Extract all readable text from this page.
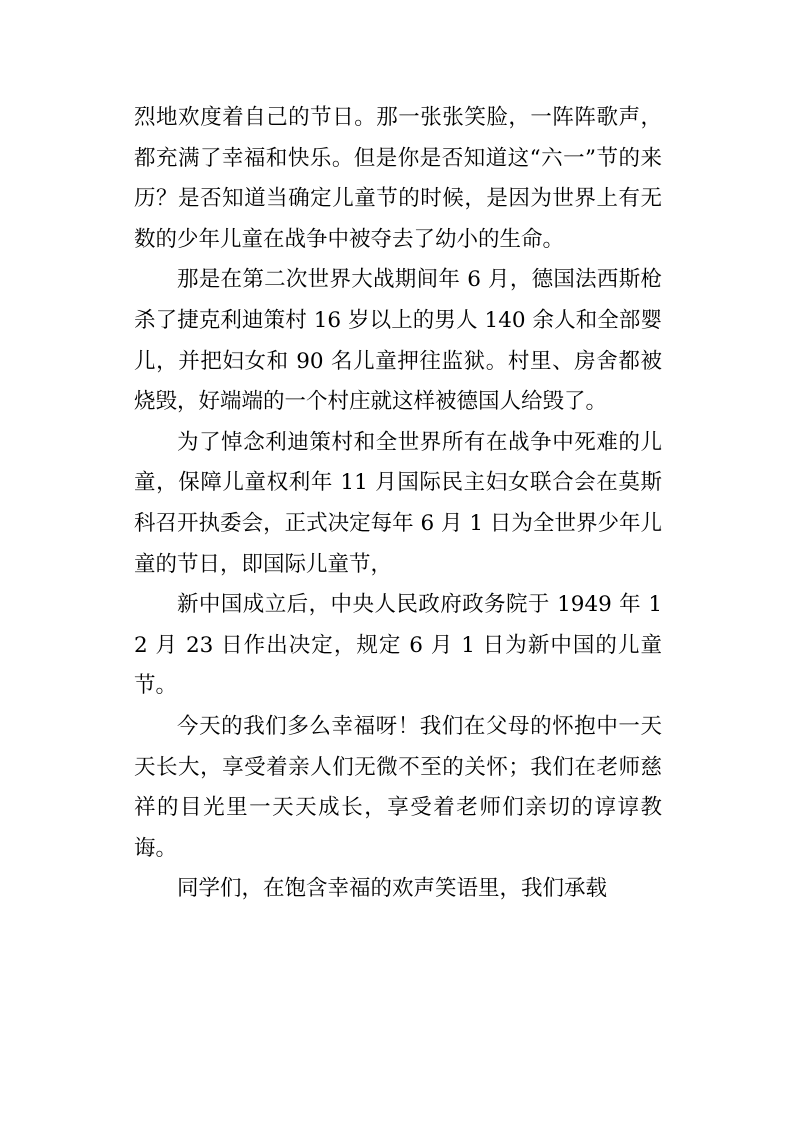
烈地欢度着自己的节日。那一张张笑脸，一阵阵歌声，都充满了幸福和快乐。但是你是否知道这“六一”节的来历？是否知道当确定儿童节的时候，是因为世界上有无数的少年儿童在战争中被夺去了幼小的生命。

那是在第二次世界大战期间年 6 月，德国法西斯枪杀了捷克利迪策村 16 岁以上的男人 140 余人和全部婴儿，并把妇女和 90 名儿童押往监狱。村里、房舍都被烧毁，好端端的一个村庄就这样被德国人给毁了。

为了悼念利迪策村和全世界所有在战争中死难的儿童，保障儿童权利年 11 月国际民主妇女联合会在莫斯科召开执委会，正式决定每年 6 月 1 日为全世界少年儿童的节日，即国际儿童节，

新中国成立后，中央人民政府政务院于 1949 年 12 月 23 日作出决定，规定 6 月 1 日为新中国的儿童节。

今天的我们多么幸福呀！我们在父母的怀抱中一天天长大，享受着亲人们无微不至的关怀；我们在老师慈祥的目光里一天天成长，享受着老师们亲切的谆谆教诲。

同学们，在饱含幸福的欢声笑语里，我们承载
